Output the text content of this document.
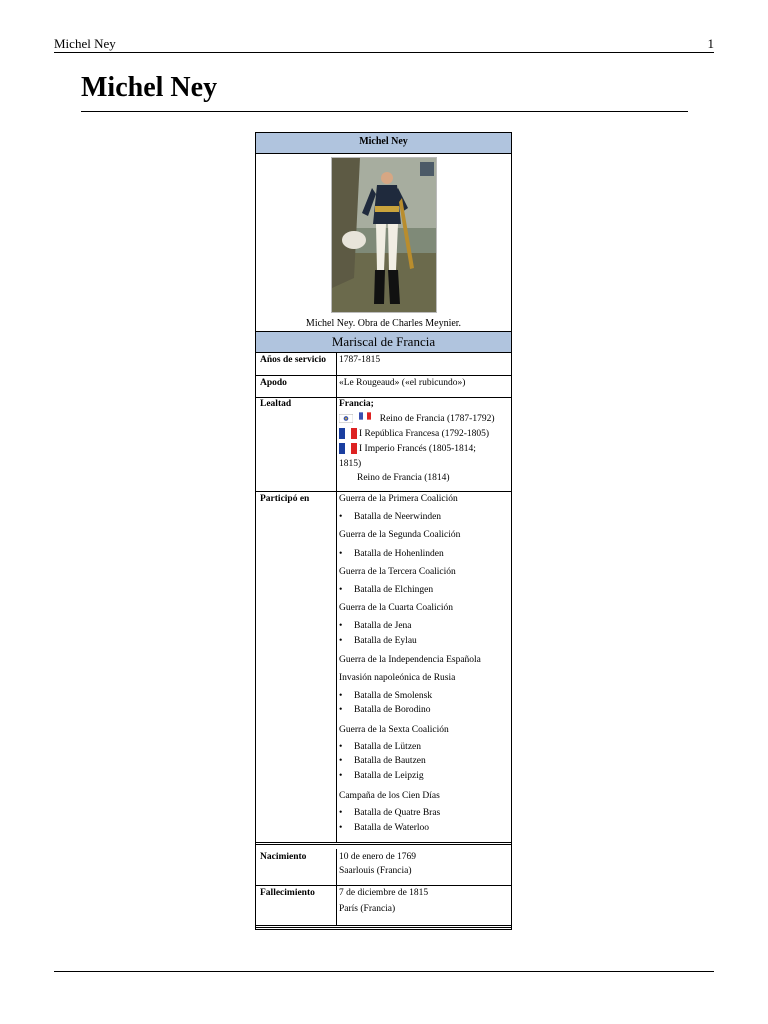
Michel Ney	1
Michel Ney
Michel Ney
Michel Ney. Obra de Charles Meynier.
Mariscal de Francia
Años de servicio 1787-1815
Apodo	«Le Rougeaud» («el rubicundo»)
Lealtad	Francia;
Reino de Francia (1787-1792)
I República Francesa (1792-1805)
I Imperio Francés (1805-1814;
1815)
Reino de Francia (1814)
Participó en	Guerra de la Primera Coalición
• Batalla de Neerwinden
Guerra de la Segunda Coalición
• Batalla de Hohenlinden
Guerra de la Tercera Coalición
• Batalla de Elchingen
Guerra de la Cuarta Coalición
• Batalla de Jena
• Batalla de Eylau
Guerra de la Independencia Española
Invasión napoleónica de Rusia
• Batalla de Smolensk
• Batalla de Borodino
Guerra de la Sexta Coalición
• Batalla de Lützen
• Batalla de Bautzen
• Batalla de Leipzig
Campaña de los Cien Días
• Batalla de Quatre Bras
• Batalla de Waterloo
Nacimiento	10 de enero de 1769
Saarlouis (Francia)
Fallecimiento	7 de diciembre de 1815
París (Francia)
